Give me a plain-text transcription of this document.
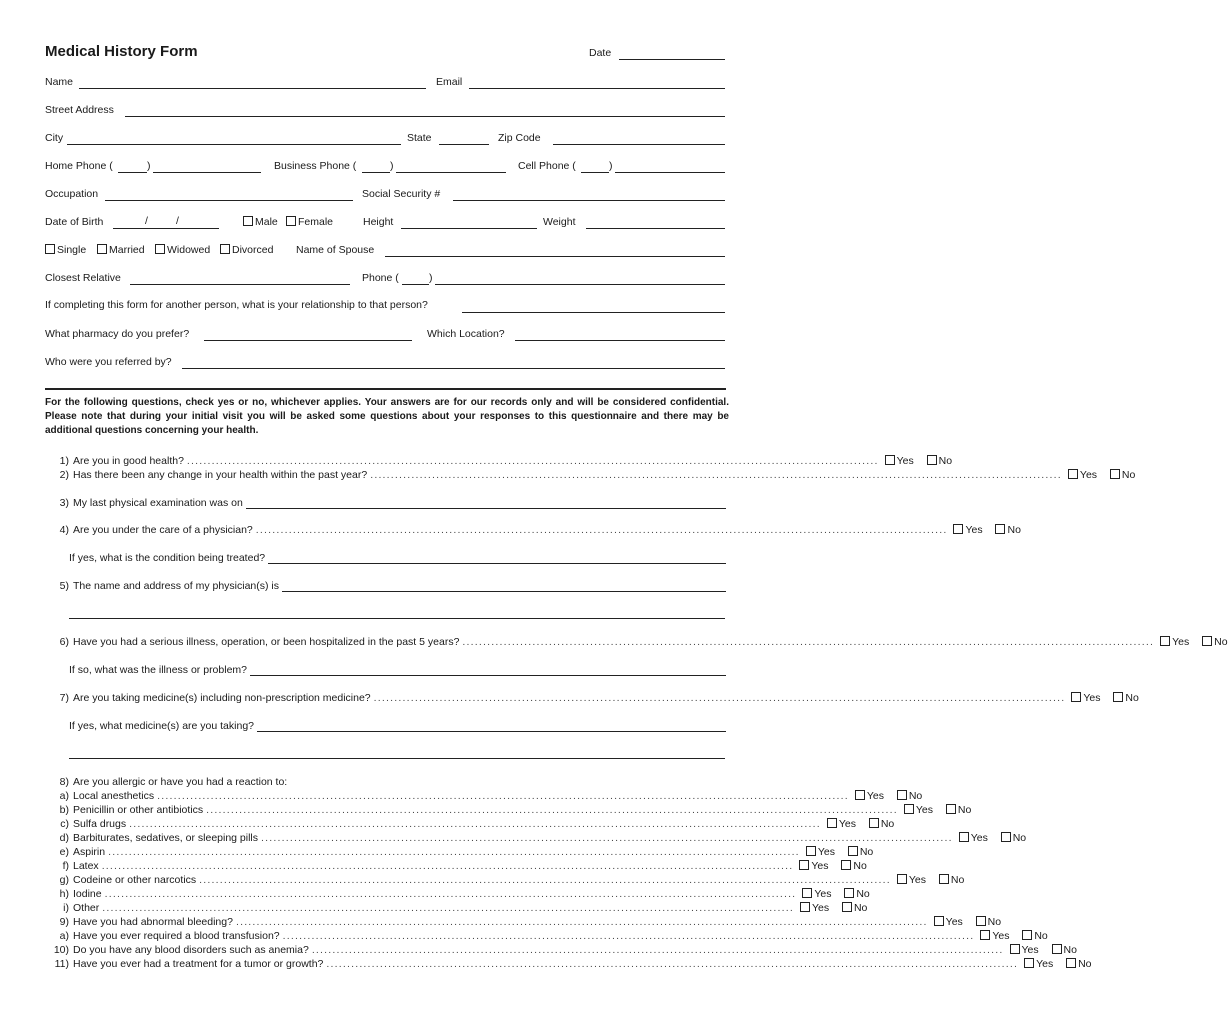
Medical History Form	Date
Name	Email
Street Address
City	State	Zip Code
Home Phone (	)	Business Phone (	)	Cell Phone (	)
Occupation	Social Security #
Date of Birth	/	/	Male	Female	Height	Weight
Single	Married	Widowed	Divorced Name of Spouse
Closest Relative	Phone (	)
If completing this form for another person, what is your relationship to that person?
What pharmacy do you prefer?	Which Location?
Who were you referred by?
For the following questions, check yes or no, whichever applies. Your answers are for our records only and will be considered confidential. Please note that during your initial visit you will be asked some questions about your responses to this questionnaire and there may be additional questions concerning your health.
1) Are you in good health? ........................................................................................................................................................................	Yes	No
2) Has there been any change in your health within the past year? ........................................................................................................................................................................	Yes	No
3) My last physical examination was on
4) Are you under the care of a physician? ........................................................................................................................................................................	Yes	No
If yes, what is the condition being treated?
5) The name and address of my physician(s) is
6) Have you had a serious illness, operation, or been hospitalized in the past 5 years? ........................................................................................................................................................................	Yes	No
If so, what was the illness or problem?
7) Are you taking medicine(s) including non-prescription medicine? ........................................................................................................................................................................	Yes	No
If yes, what medicine(s) are you taking?
8) Are you allergic or have you had a reaction to:
a) Local anesthetics ........................................................................................................................................................................	Yes	No
b) Penicillin or other antibiotics ........................................................................................................................................................................	Yes	No
c) Sulfa drugs ........................................................................................................................................................................	Yes	No
d) Barbiturates, sedatives, or sleeping pills ........................................................................................................................................................................	Yes	No
e) Aspirin ........................................................................................................................................................................	Yes	No
f) Latex ........................................................................................................................................................................	Yes	No
g) Codeine or other narcotics ........................................................................................................................................................................	Yes	No
h) Iodine ........................................................................................................................................................................	Yes	No
i) Other ........................................................................................................................................................................	Yes	No
9) Have you had abnormal bleeding? ........................................................................................................................................................................	Yes	No
a) Have you ever required a blood transfusion? ........................................................................................................................................................................	Yes	No
10) Do you have any blood disorders such as anemia? ........................................................................................................................................................................	Yes	No
11) Have you ever had a treatment for a tumor or growth? ........................................................................................................................................................................	Yes	No
